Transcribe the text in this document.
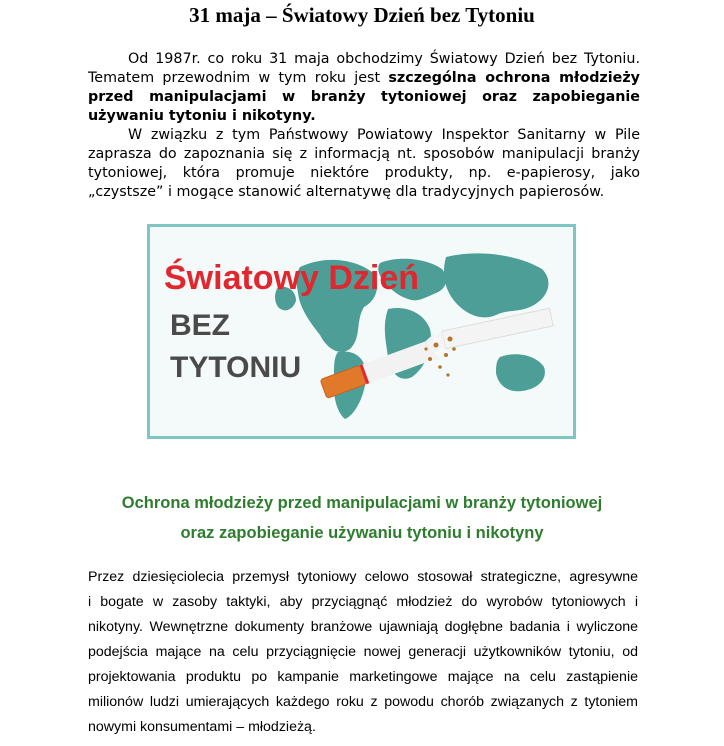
31 maja – Światowy Dzień bez Tytoniu

Od 1987r. co roku 31 maja obchodzimy Światowy Dzień bez Tytoniu. Tematem przewodnim w tym roku jest szczególna ochrona młodzieży przed manipulacjami w branży tytoniowej oraz zapobieganie używaniu tytoniu i nikotyny.

W związku z tym Państwowy Powiatowy Inspektor Sanitarny w Pile zaprasza do zapoznania się z informacją nt. sposobów manipulacji branży tytoniowej, która promuje niektóre produkty, np. e-papierosy, jako „czystsze” i mogące stanowić alternatywę dla tradycyjnych papierosów.

Światowy Dzień
BEZ
TYTONIU
Ochrona młodzieży przed manipulacjami w branży tytoniowej
oraz zapobieganie używaniu tytoniu i nikotyny
Przez dziesięciolecia przemysł tytoniowy celowo stosował strategiczne, agresywne
i bogate w zasoby taktyki, aby przyciągnąć młodzież do wyrobów tytoniowych i
nikotyny. Wewnętrzne dokumenty branżowe ujawniają dogłębne badania i wyliczone
podejścia mające na celu przyciągnięcie nowej generacji użytkowników tytoniu, od
projektowania produktu po kampanie marketingowe mające na celu zastąpienie
milionów ludzi umierających każdego roku z powodu chorób związanych z tytoniem
nowymi konsumentami – młodzieżą.
